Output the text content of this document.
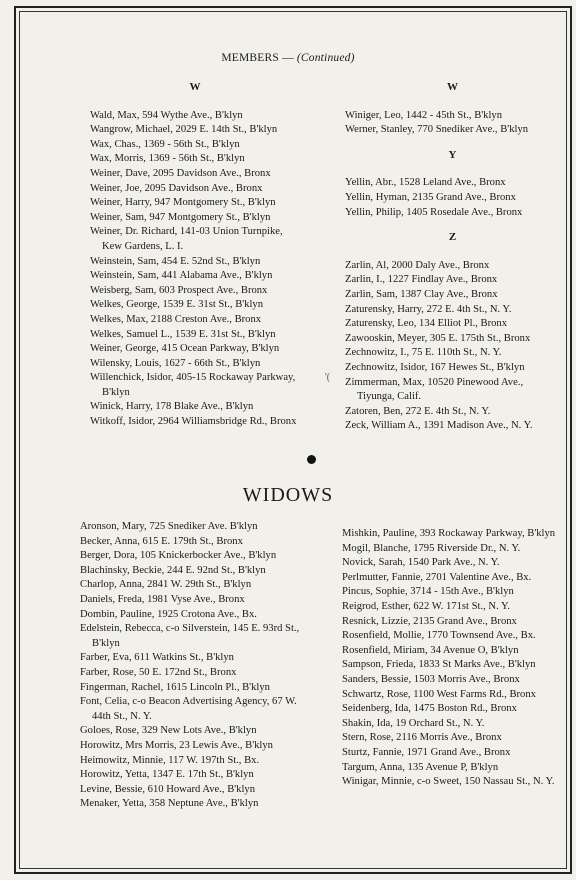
MEMBERS — (Continued)

W

Wald, Max, 594 Wythe Ave., B'klyn

Wangrow, Michael, 2029 E. 14th St., B'klyn

Wax, Chas., 1369 - 56th St., B'klyn

Wax, Morris, 1369 - 56th St., B'klyn

Weiner, Dave, 2095 Davidson Ave., Bronx

Weiner, Joe, 2095 Davidson Ave., Bronx

Weiner, Harry, 947 Montgomery St., B'klyn

Weiner, Sam, 947 Montgomery St., B'klyn

Weiner, Dr. Richard, 141-03 Union Turnpike, Kew Gardens, L. I.

Weinstein, Sam, 454 E. 52nd St., B'klyn

Weinstein, Sam, 441 Alabama Ave., B'klyn

Weisberg, Sam, 603 Prospect Ave., Bronx

Welkes, George, 1539 E. 31st St., B'klyn

Welkes, Max, 2188 Creston Ave., Bronx

Welkes, Samuel L., 1539 E. 31st St., B'klyn

Weiner, George, 415 Ocean Parkway, B'klyn

Wilensky, Louis, 1627 - 66th St., B'klyn

Willenchick, Isidor, 405-15 Rockaway Parkway, B'klyn

Winick, Harry, 178 Blake Ave., B'klyn

Witkoff, Isidor, 2964 Williamsbridge Rd., Bronx

W

Winiger, Leo, 1442 - 45th St., B'klyn

Werner, Stanley, 770 Snediker Ave., B'klyn

Y

Yellin, Abr., 1528 Leland Ave., Bronx

Yellin, Hyman, 2135 Grand Ave., Bronx

Yellin, Philip, 1405 Rosedale Ave., Bronx

Z

Zarlin, Al, 2000 Daly Ave., Bronx

Zarlin, I., 1227 Findlay Ave., Bronx

Zarlin, Sam, 1387 Clay Ave., Bronx

Zaturensky, Harry, 272 E. 4th St., N. Y.

Zaturensky, Leo, 134 Elliot Pl., Bronx

Zawooskin, Meyer, 305 E. 175th St., Bronx

Zechnowitz, I., 75 E. 110th St., N. Y.

Zechnowitz, Isidor, 167 Hewes St., B'klyn

Zimmerman, Max, 10520 Pinewood Ave., Tiyunga, Calif.

Zatoren, Ben, 272 E. 4th St., N. Y.

Zeck, William A., 1391 Madison Ave., N. Y.

'(
WIDOWS

Aronson, Mary, 725 Snediker Ave. B'klyn

Becker, Anna, 615 E. 179th St., Bronx

Berger, Dora, 105 Knickerbocker Ave., B'klyn

Blachinsky, Beckie, 244 E. 92nd St., B'klyn

Charlop, Anna, 2841 W. 29th St., B'klyn

Daniels, Freda, 1981 Vyse Ave., Bronx

Dombin, Pauline, 1925 Crotona Ave., Bx.

Edelstein, Rebecca, c-o Silverstein, 145 E. 93rd St., B'klyn

Farber, Eva, 611 Watkins St., B'klyn

Farber, Rose, 50 E. 172nd St., Bronx

Fingerman, Rachel, 1615 Lincoln Pl., B'klyn

Font, Celia, c-o Beacon Advertising Agency, 67 W. 44th St., N. Y.

Goloes, Rose, 329 New Lots Ave., B'klyn

Horowitz, Mrs Morris, 23 Lewis Ave., B'klyn

Heimowitz, Minnie, 117 W. 197th St., Bx.

Horowitz, Yetta, 1347 E. 17th St., B'klyn

Levine, Bessie, 610 Howard Ave., B'klyn

Menaker, Yetta, 358 Neptune Ave., B'klyn

Mishkin, Pauline, 393 Rockaway Parkway, B'klyn

Mogil, Blanche, 1795 Riverside Dr., N. Y.

Novick, Sarah, 1540 Park Ave., N. Y.

Perlmutter, Fannie, 2701 Valentine Ave., Bx.

Pincus, Sophie, 3714 - 15th Ave., B'klyn

Reigrod, Esther, 622 W. 171st St., N. Y.

Resnick, Lizzie, 2135 Grand Ave., Bronx

Rosenfield, Mollie, 1770 Townsend Ave., Bx.

Rosenfield, Miriam, 34 Avenue O, B'klyn

Sampson, Frieda, 1833 St Marks Ave., B'klyn

Sanders, Bessie, 1503 Morris Ave., Bronx

Schwartz, Rose, 1100 West Farms Rd., Bronx

Seidenberg, Ida, 1475 Boston Rd., Bronx

Shakin, Ida, 19 Orchard St., N. Y.

Stern, Rose, 2116 Morris Ave., Bronx

Sturtz, Fannie, 1971 Grand Ave., Bronx

Targum, Anna, 135 Avenue P, B'klyn

Winigar, Minnie, c-o Sweet, 150 Nassau St., N. Y.
